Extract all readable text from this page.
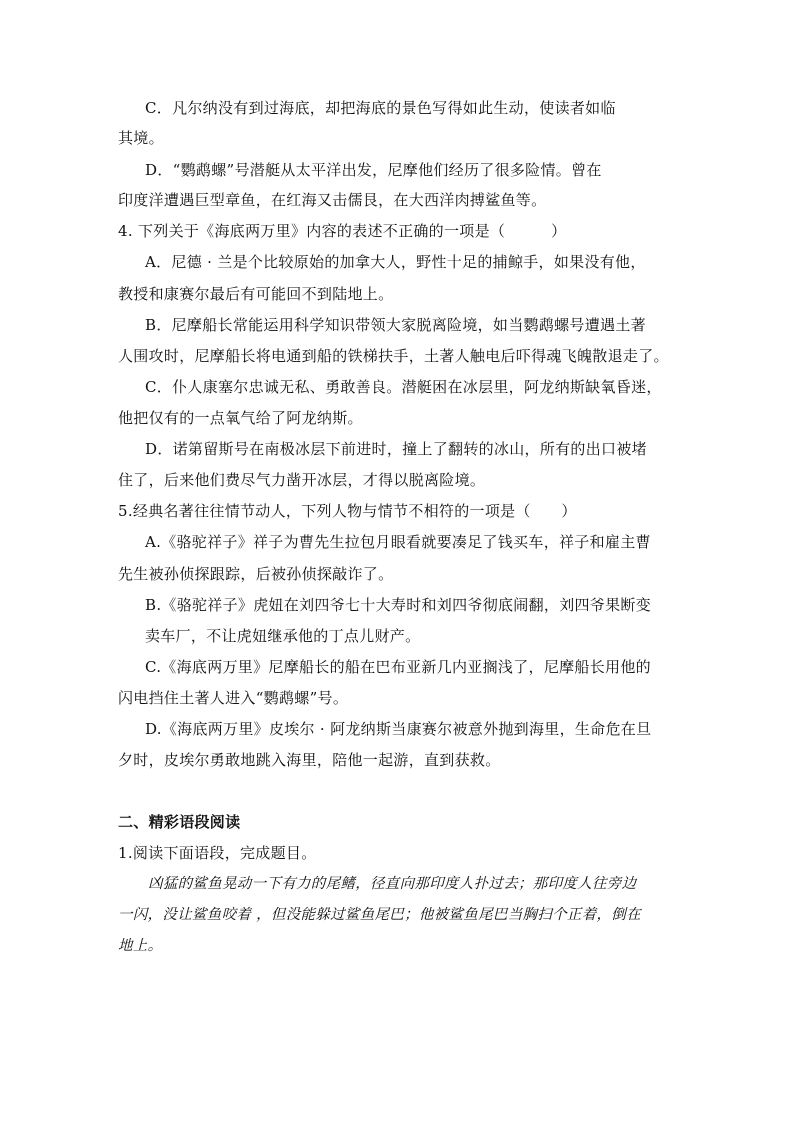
C．凡尔纳没有到过海底，却把海底的景色写得如此生动，使读者如临
其境。
D．“鹦鹉螺”号潜艇从太平洋出发，尼摩他们经历了很多险情。曾在
印度洋遭遇巨型章鱼，在红海又击儒艮，在大西洋肉搏鲨鱼等。
4. 下列关于《海底两万里》内容的表述不正确的一项是（　　　）
A．尼德 · 兰是个比较原始的加拿大人，野性十足的捕鲸手，如果没有他，
教授和康赛尔最后有可能回不到陆地上。
B．尼摩船长常能运用科学知识带领大家脱离险境，如当鹦鹉螺号遭遇土著
人围攻时，尼摩船长将电通到船的铁梯扶手，土著人触电后吓得魂飞魄散退走了。
C．仆人康塞尔忠诚无私、勇敢善良。潜艇困在冰层里，阿龙纳斯缺氧昏迷，
他把仅有的一点氧气给了阿龙纳斯。
D．诺第留斯号在南极冰层下前进时，撞上了翻转的冰山，所有的出口被堵
住了，后来他们费尽气力凿开冰层，才得以脱离险境。
5.经典名著往往情节动人，下列人物与情节不相符的一项是（　　）
A.《骆驼祥子》祥子为曹先生拉包月眼看就要凑足了钱买车，祥子和雇主曹
先生被孙侦探跟踪，后被孙侦探敲诈了。
B.《骆驼祥子》虎妞在刘四爷七十大寿时和刘四爷彻底闹翻，刘四爷果断变
卖车厂，不让虎妞继承他的丁点儿财产。
C.《海底两万里》尼摩船长的船在巴布亚新几内亚搁浅了，尼摩船长用他的
闪电挡住土著人进入“鹦鹉螺”号。
D.《海底两万里》皮埃尔 · 阿龙纳斯当康赛尔被意外抛到海里，生命危在旦
夕时，皮埃尔勇敢地跳入海里，陪他一起游，直到获救。
二、精彩语段阅读
1.阅读下面语段，完成题目。
凶猛的鲨鱼晃动一下有力的尾鳍，径直向那印度人扑过去；那印度人往旁边
一闪，没让鲨鱼咬着 ，但没能躲过鲨鱼尾巴；他被鲨鱼尾巴当胸扫个正着，倒在
地上。
